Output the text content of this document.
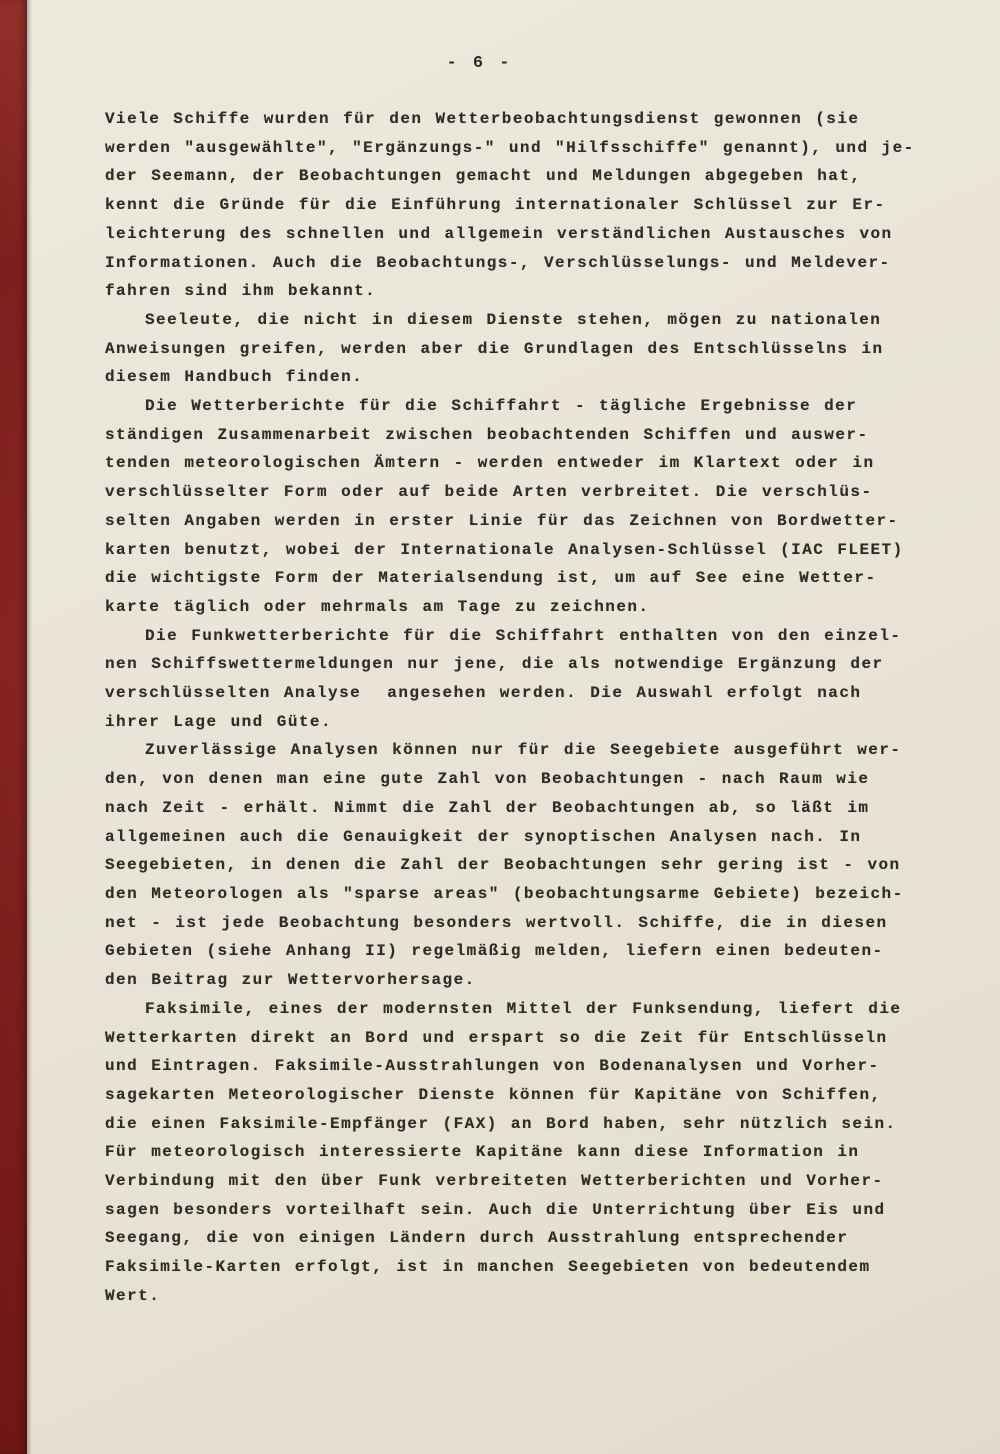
- 6 -
Viele Schiffe wurden für den Wetterbeobachtungsdienst gewonnen (sie
werden "ausgewählte", "Ergänzungs-" und "Hilfsschiffe" genannt), und je-
der Seemann, der Beobachtungen gemacht und Meldungen abgegeben hat,
kennt die Gründe für die Einführung internationaler Schlüssel zur Er-
leichterung des schnellen und allgemein verständlichen Austausches von
Informationen. Auch die Beobachtungs-, Verschlüsselungs- und Meldever-
fahren sind ihm bekannt.
Seeleute, die nicht in diesem Dienste stehen, mögen zu nationalen
Anweisungen greifen, werden aber die Grundlagen des Entschlüsselns in
diesem Handbuch finden.
Die Wetterberichte für die Schiffahrt - tägliche Ergebnisse der
ständigen Zusammenarbeit zwischen beobachtenden Schiffen und auswer-
tenden meteorologischen Ämtern - werden entweder im Klartext oder in
verschlüsselter Form oder auf beide Arten verbreitet. Die verschlüs-
selten Angaben werden in erster Linie für das Zeichnen von Bordwetter-
karten benutzt, wobei der Internationale Analysen-Schlüssel (IAC FLEET)
die wichtigste Form der Materialsendung ist, um auf See eine Wetter-
karte täglich oder mehrmals am Tage zu zeichnen.
Die Funkwetterberichte für die Schiffahrt enthalten von den einzel-
nen Schiffswettermeldungen nur jene, die als notwendige Ergänzung der
verschlüsselten Analyse  angesehen werden. Die Auswahl erfolgt nach
ihrer Lage und Güte.
Zuverlässige Analysen können nur für die Seegebiete ausgeführt wer-
den, von denen man eine gute Zahl von Beobachtungen - nach Raum wie
nach Zeit - erhält. Nimmt die Zahl der Beobachtungen ab, so läßt im
allgemeinen auch die Genauigkeit der synoptischen Analysen nach. In
Seegebieten, in denen die Zahl der Beobachtungen sehr gering ist - von
den Meteorologen als "sparse areas" (beobachtungsarme Gebiete) bezeich-
net - ist jede Beobachtung besonders wertvoll. Schiffe, die in diesen
Gebieten (siehe Anhang II) regelmäßig melden, liefern einen bedeuten-
den Beitrag zur Wettervorhersage.
Faksimile, eines der modernsten Mittel der Funksendung, liefert die
Wetterkarten direkt an Bord und erspart so die Zeit für Entschlüsseln
und Eintragen. Faksimile-Ausstrahlungen von Bodenanalysen und Vorher-
sagekarten Meteorologischer Dienste können für Kapitäne von Schiffen,
die einen Faksimile-Empfänger (FAX) an Bord haben, sehr nützlich sein.
Für meteorologisch interessierte Kapitäne kann diese Information in
Verbindung mit den über Funk verbreiteten Wetterberichten und Vorher-
sagen besonders vorteilhaft sein. Auch die Unterrichtung über Eis und
Seegang, die von einigen Ländern durch Ausstrahlung entsprechender
Faksimile-Karten erfolgt, ist in manchen Seegebieten von bedeutendem
Wert.
